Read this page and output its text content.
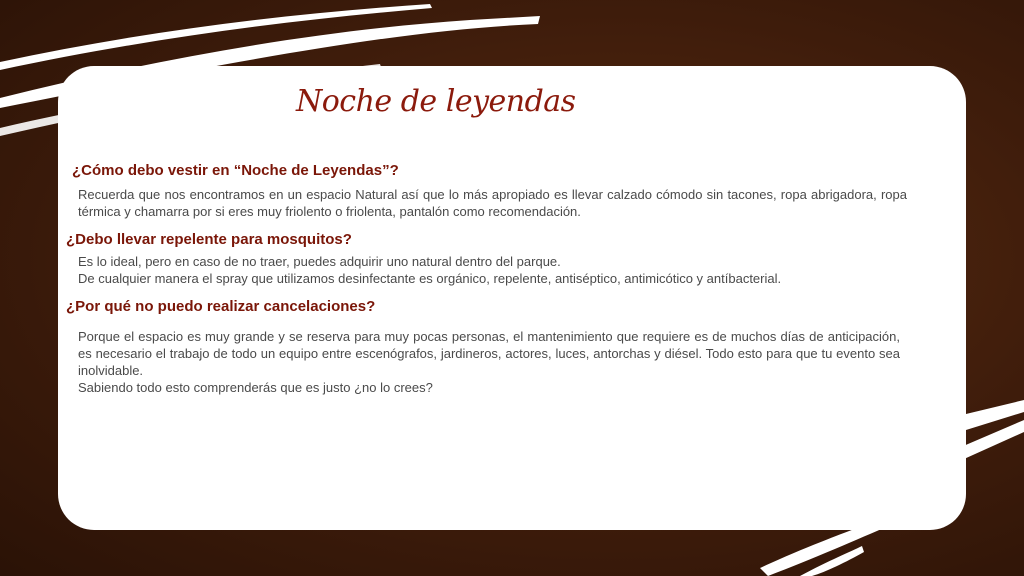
Noche de leyendas
¿Cómo debo vestir en “Noche de Leyendas”?

Recuerda que nos encontramos en un espacio Natural así que lo más apropiado es llevar calzado cómodo sin tacones, ropa abrigadora, ropa térmica y chamarra por si eres muy friolento o friolenta, pantalón como recomendación.

¿Debo llevar repelente para mosquitos?

Es lo ideal, pero en caso de no traer, puedes adquirir uno natural dentro del parque.
De cualquier manera el spray que utilizamos desinfectante es orgánico, repelente, antiséptico, antimicótico y antíbacterial.

¿Por qué no puedo realizar cancelaciones?

Porque el espacio es muy grande y se reserva para muy pocas personas, el mantenimiento que requiere es de muchos días de anticipación, es necesario el trabajo de todo un equipo entre escenógrafos, jardineros, actores, luces, antorchas y diésel. Todo esto para que tu evento sea inolvidable.
Sabiendo todo esto comprenderás que es justo ¿no lo crees?
